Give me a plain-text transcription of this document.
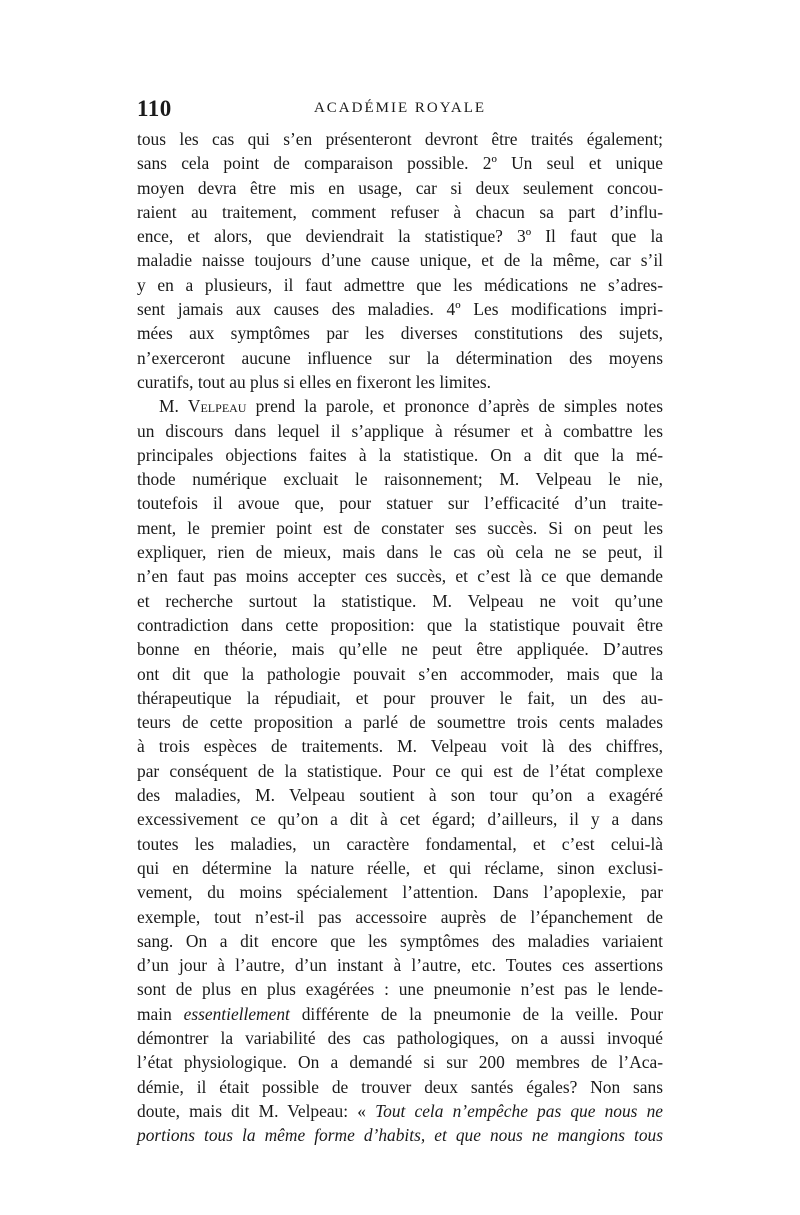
110	ACADÉMIE ROYALE
tous les cas qui s’en présenteront devront être traités également;
sans cela point de comparaison possible. 2º Un seul et unique
moyen devra être mis en usage, car si deux seulement concou-
raient au traitement, comment refuser à chacun sa part d’influ-
ence, et alors, que deviendrait la statistique? 3º Il faut que la
maladie naisse toujours d’une cause unique, et de la même, car s’il
y en a plusieurs, il faut admettre que les médications ne s’adres-
sent jamais aux causes des maladies. 4º Les modifications impri-
mées aux symptômes par les diverses constitutions des sujets,
n’exerceront aucune influence sur la détermination des moyens
curatifs, tout au plus si elles en fixeront les limites.
M. Velpeau prend la parole, et prononce d’après de simples notes
un discours dans lequel il s’applique à résumer et à combattre les
principales objections faites à la statistique. On a dit que la mé-
thode numérique excluait le raisonnement; M. Velpeau le nie,
toutefois il avoue que, pour statuer sur l’efficacité d’un traite-
ment, le premier point est de constater ses succès. Si on peut les
expliquer, rien de mieux, mais dans le cas où cela ne se peut, il
n’en faut pas moins accepter ces succès, et c’est là ce que demande
et recherche surtout la statistique. M. Velpeau ne voit qu’une
contradiction dans cette proposition: que la statistique pouvait être
bonne en théorie, mais qu’elle ne peut être appliquée. D’autres
ont dit que la pathologie pouvait s’en accommoder, mais que la
thérapeutique la répudiait, et pour prouver le fait, un des au-
teurs de cette proposition a parlé de soumettre trois cents malades
à trois espèces de traitements. M. Velpeau voit là des chiffres,
par conséquent de la statistique. Pour ce qui est de l’état complexe
des maladies, M. Velpeau soutient à son tour qu’on a exagéré
excessivement ce qu’on a dit à cet égard; d’ailleurs, il y a dans
toutes les maladies, un caractère fondamental, et c’est celui-là
qui en détermine la nature réelle, et qui réclame, sinon exclusi-
vement, du moins spécialement l’attention. Dans l’apoplexie, par
exemple, tout n’est-il pas accessoire auprès de l’épanchement de
sang. On a dit encore que les symptômes des maladies variaient
d’un jour à l’autre, d’un instant à l’autre, etc. Toutes ces assertions
sont de plus en plus exagérées : une pneumonie n’est pas le lende-
main essentiellement différente de la pneumonie de la veille. Pour
démontrer la variabilité des cas pathologiques, on a aussi invoqué
l’état physiologique. On a demandé si sur 200 membres de l’Aca-
démie, il était possible de trouver deux santés égales? Non sans
doute, mais dit M. Velpeau: « Tout cela n’empêche pas que nous ne
portions tous la même forme d’habits, et que nous ne mangions tous
